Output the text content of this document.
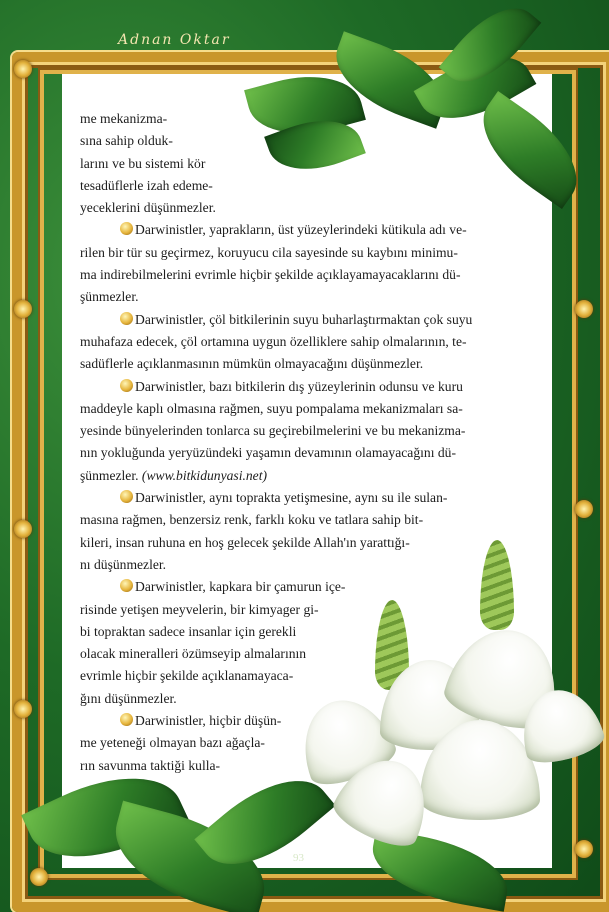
Adnan Oktar

me mekanizma-
sına sahip olduk-
larını ve bu sistemi kör
tesadüflerle izah edeme-
yeceklerini düşünmezler.

Darwinistler, yaprakların, üst yüzeylerindeki kütikula adı ve-
rilen bir tür su geçirmez, koruyucu cila sayesinde su kaybını minimu-
ma indirebilmelerini evrimle hiçbir şekilde açıklayamayacaklarını dü-
şünmezler.

Darwinistler, çöl bitkilerinin suyu buharlaştırmaktan çok suyu
muhafaza edecek, çöl ortamına uygun özelliklere sahip olmalarının, te-
sadüflerle açıklanmasının mümkün olmayacağını düşünmezler.

Darwinistler, bazı bitkilerin dış yüzeylerinin odunsu ve kuru
maddeyle kaplı olmasına rağmen, suyu pompalama mekanizmaları sa-
yesinde bünyelerinden tonlarca su geçirebilmelerini ve bu mekanizma-
nın yokluğunda yeryüzündeki yaşamın devamının olamayacağını dü-
şünmezler. (www.bitkidunyasi.net)

Darwinistler, aynı toprakta yetişmesine, aynı su ile sulan-
masına rağmen, benzersiz renk, farklı koku ve tatlara sahip bit-
kileri, insan ruhuna en hoş gelecek şekilde Allah'ın yarattığı-
nı düşünmezler.

Darwinistler, kapkara bir çamurun içe-
risinde yetişen meyvelerin, bir kimyager gi-
bi topraktan sadece insanlar için gerekli
olacak mineralleri özümseyip almalarının
evrimle hiçbir şekilde açıklanamayaca-
ğını düşünmezler.

Darwinistler, hiçbir düşün-
me yeteneği olmayan bazı ağaçla-
rın savunma taktiği kulla-

93
